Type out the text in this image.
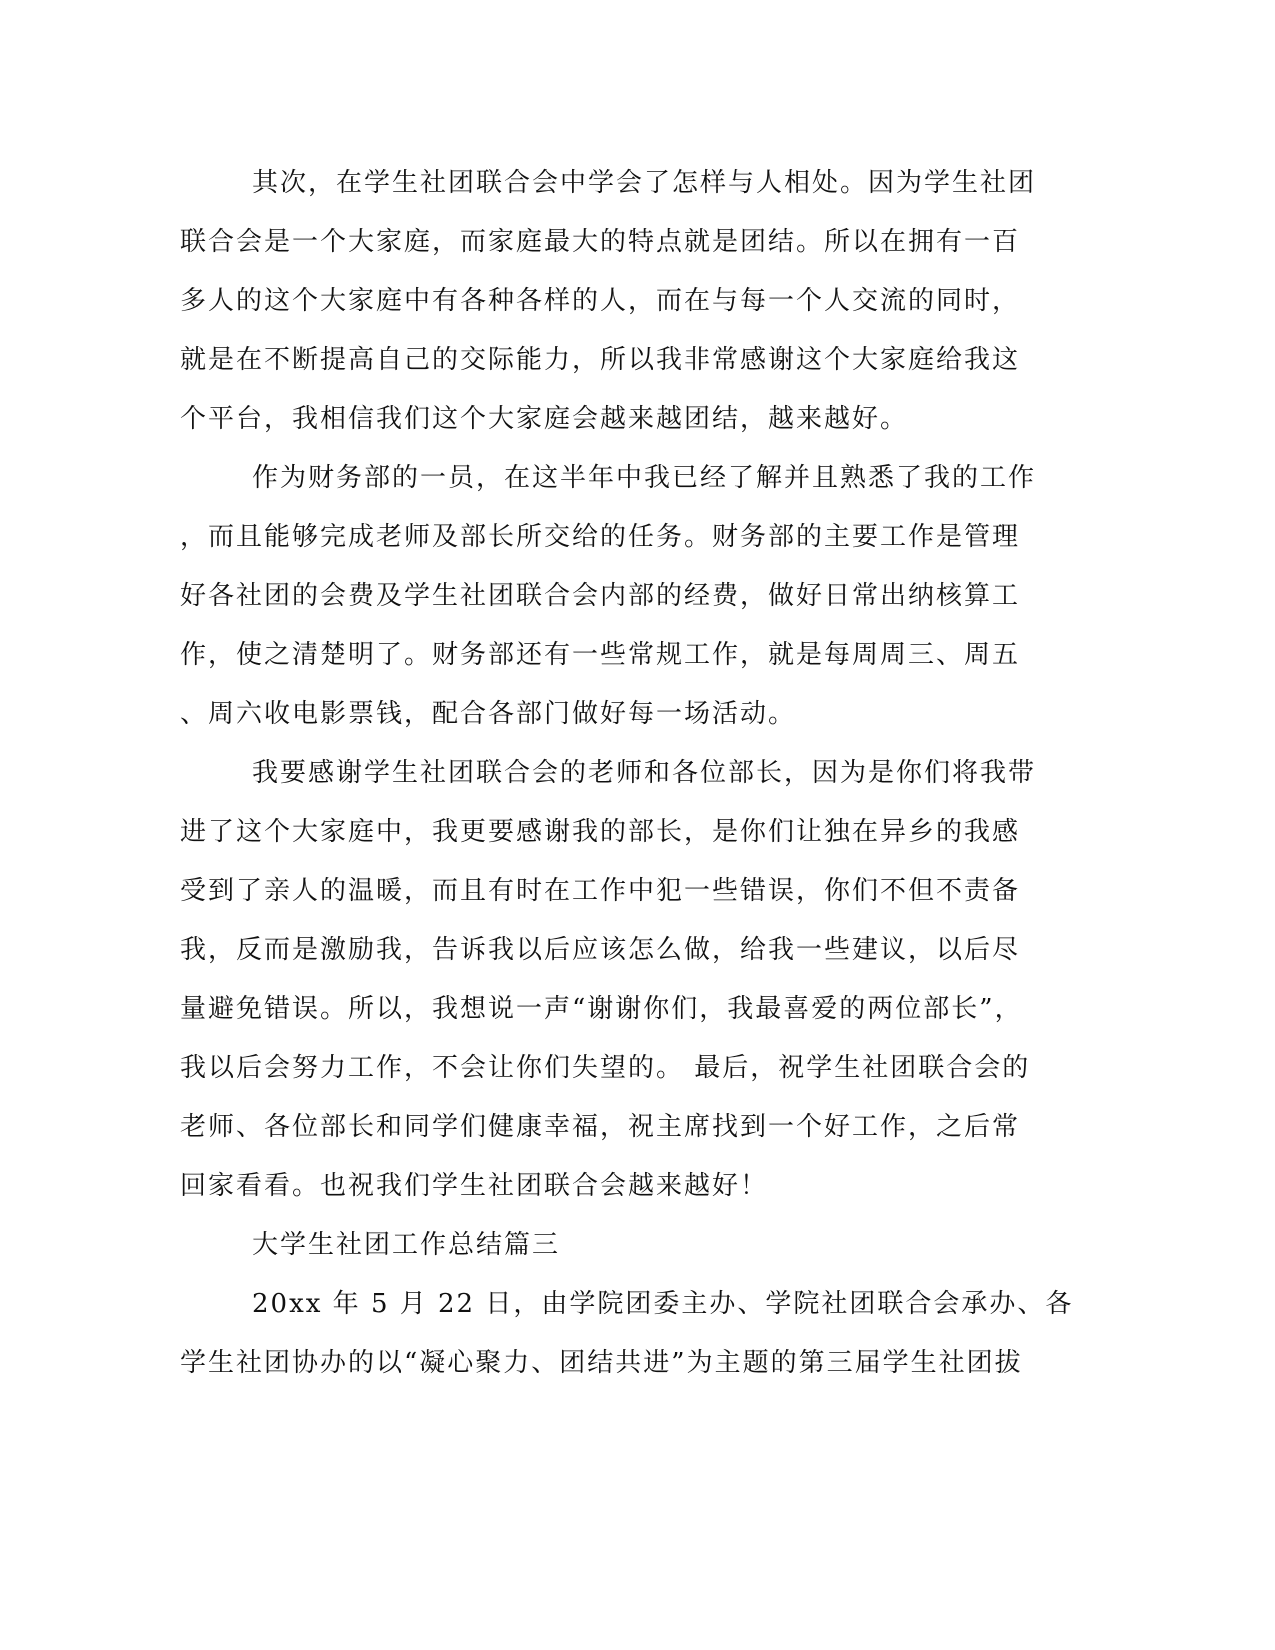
其次，在学生社团联合会中学会了怎样与人相处。因为学生社团
联合会是一个大家庭，而家庭最大的特点就是团结。所以在拥有一百
多人的这个大家庭中有各种各样的人，而在与每一个人交流的同时，
就是在不断提高自己的交际能力，所以我非常感谢这个大家庭给我这
个平台，我相信我们这个大家庭会越来越团结，越来越好。
作为财务部的一员，在这半年中我已经了解并且熟悉了我的工作
，而且能够完成老师及部长所交给的任务。财务部的主要工作是管理
好各社团的会费及学生社团联合会内部的经费，做好日常出纳核算工
作，使之清楚明了。财务部还有一些常规工作，就是每周周三、周五
、周六收电影票钱，配合各部门做好每一场活动。
我要感谢学生社团联合会的老师和各位部长，因为是你们将我带
进了这个大家庭中，我更要感谢我的部长，是你们让独在异乡的我感
受到了亲人的温暖，而且有时在工作中犯一些错误，你们不但不责备
我，反而是激励我，告诉我以后应该怎么做，给我一些建议，以后尽
量避免错误。所以，我想说一声“谢谢你们，我最喜爱的两位部长”，
我以后会努力工作，不会让你们失望的。 最后，祝学生社团联合会的
老师、各位部长和同学们健康幸福，祝主席找到一个好工作，之后常
回家看看。也祝我们学生社团联合会越来越好！
大学生社团工作总结篇三
20xx 年 5 月 22 日，由学院团委主办、学院社团联合会承办、各
学生社团协办的以“凝心聚力、团结共进”为主题的第三届学生社团拔
